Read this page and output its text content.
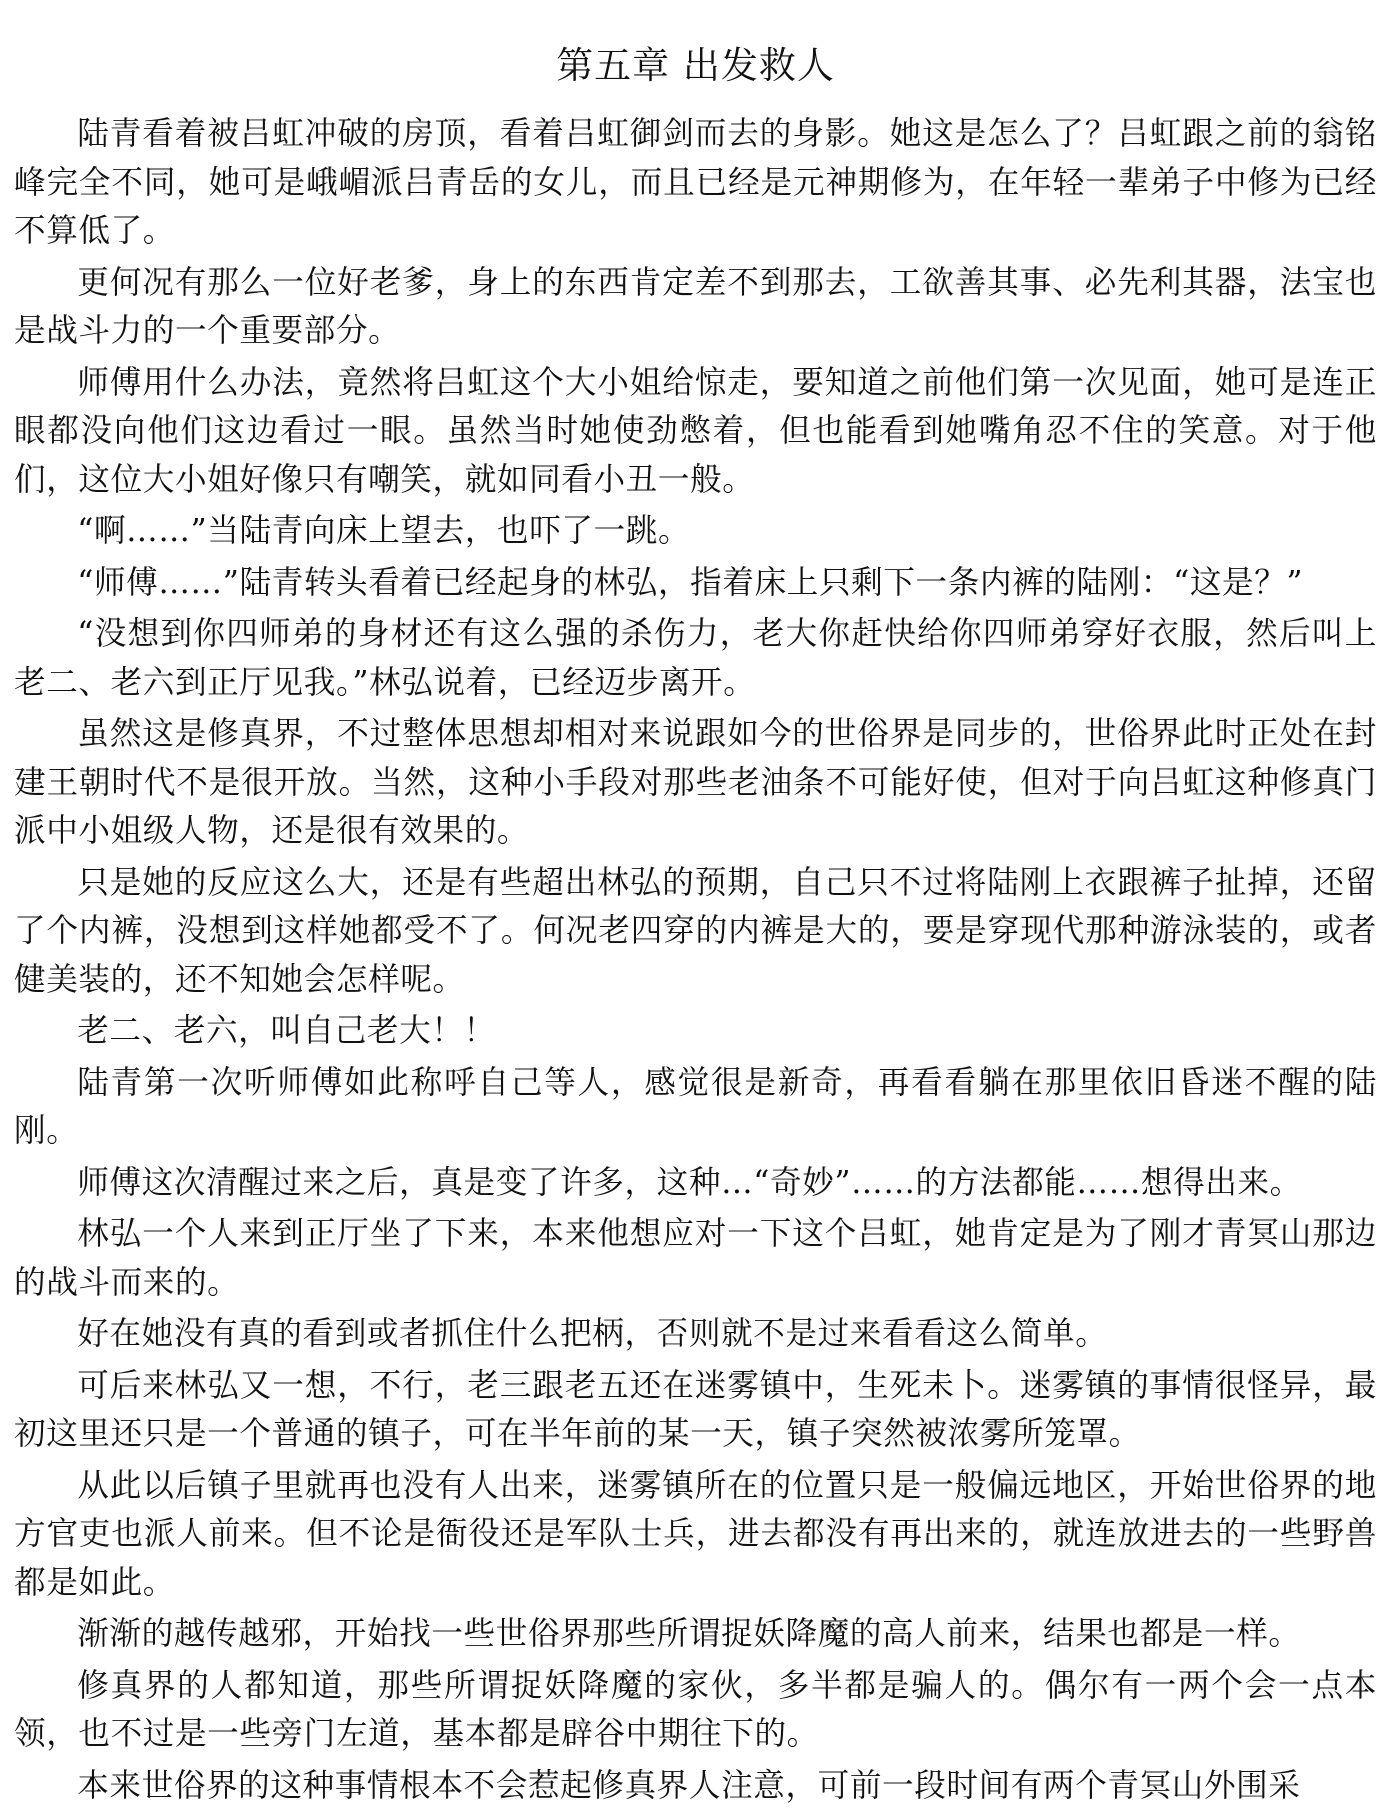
第五章 出发救人

陆青看着被吕虹冲破的房顶，看着吕虹御剑而去的身影。她这是怎么了？吕虹跟之前的翁铭峰完全不同，她可是峨嵋派吕青岳的女儿，而且已经是元神期修为，在年轻一辈弟子中修为已经不算低了。

更何况有那么一位好老爹，身上的东西肯定差不到那去，工欲善其事、必先利其器，法宝也是战斗力的一个重要部分。

师傅用什么办法，竟然将吕虹这个大小姐给惊走，要知道之前他们第一次见面，她可是连正眼都没向他们这边看过一眼。虽然当时她使劲憋着，但也能看到她嘴角忍不住的笑意。对于他们，这位大小姐好像只有嘲笑，就如同看小丑一般。

“啊……”当陆青向床上望去，也吓了一跳。

“师傅……”陆青转头看着已经起身的林弘，指着床上只剩下一条内裤的陆刚：“这是？”

“没想到你四师弟的身材还有这么强的杀伤力，老大你赶快给你四师弟穿好衣服，然后叫上老二、老六到正厅见我。”林弘说着，已经迈步离开。

虽然这是修真界，不过整体思想却相对来说跟如今的世俗界是同步的，世俗界此时正处在封建王朝时代不是很开放。当然，这种小手段对那些老油条不可能好使，但对于向吕虹这种修真门派中小姐级人物，还是很有效果的。

只是她的反应这么大，还是有些超出林弘的预期，自己只不过将陆刚上衣跟裤子扯掉，还留了个内裤，没想到这样她都受不了。何况老四穿的内裤是大的，要是穿现代那种游泳装的，或者健美装的，还不知她会怎样呢。

老二、老六，叫自己老大！！

陆青第一次听师傅如此称呼自己等人，感觉很是新奇，再看看躺在那里依旧昏迷不醒的陆刚。

师傅这次清醒过来之后，真是变了许多，这种…“奇妙”……的方法都能……想得出来。

林弘一个人来到正厅坐了下来，本来他想应对一下这个吕虹，她肯定是为了刚才青冥山那边的战斗而来的。

好在她没有真的看到或者抓住什么把柄，否则就不是过来看看这么简单。

可后来林弘又一想，不行，老三跟老五还在迷雾镇中，生死未卜。迷雾镇的事情很怪异，最初这里还只是一个普通的镇子，可在半年前的某一天，镇子突然被浓雾所笼罩。

从此以后镇子里就再也没有人出来，迷雾镇所在的位置只是一般偏远地区，开始世俗界的地方官吏也派人前来。但不论是衙役还是军队士兵，进去都没有再出来的，就连放进去的一些野兽都是如此。

渐渐的越传越邪，开始找一些世俗界那些所谓捉妖降魔的高人前来，结果也都是一样。

修真界的人都知道，那些所谓捉妖降魔的家伙，多半都是骗人的。偶尔有一两个会一点本领，也不过是一些旁门左道，基本都是辟谷中期往下的。

本来世俗界的这种事情根本不会惹起修真界人注意，可前一段时间有两个青冥山外围采
